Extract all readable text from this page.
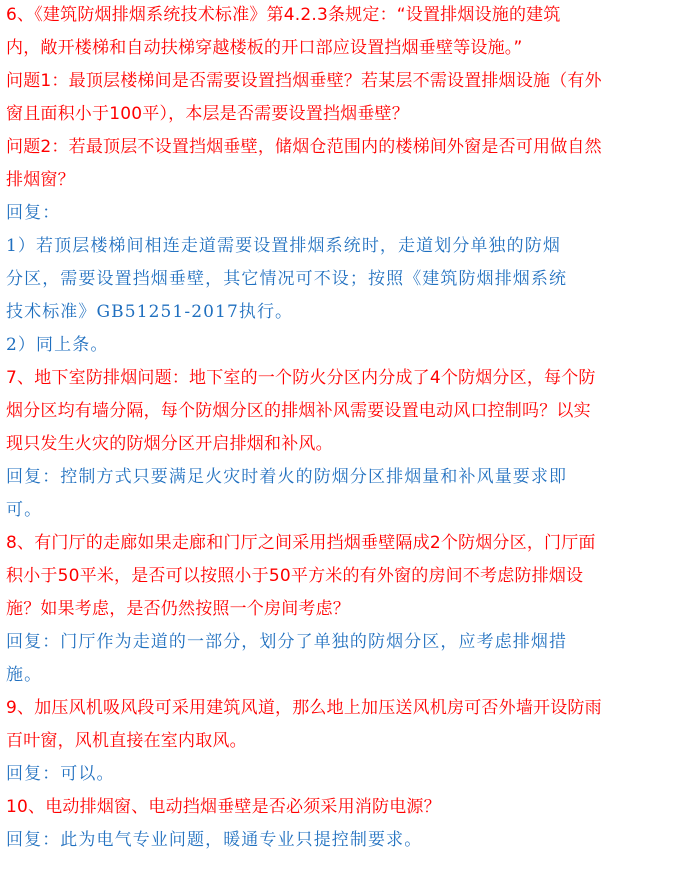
6、《建筑防烟排烟系统技术标准》第4.2.3条规定：“设置排烟设施的建筑
内，敞开楼梯和自动扶梯穿越楼板的开口部应设置挡烟垂壁等设施。”
问题1：最顶层楼梯间是否需要设置挡烟垂壁？若某层不需设置排烟设施（有外
窗且面积小于100平），本层是否需要设置挡烟垂壁？
问题2：若最顶层不设置挡烟垂壁，储烟仓范围内的楼梯间外窗是否可用做自然
排烟窗？
回复：
1）若顶层楼梯间相连走道需要设置排烟系统时，走道划分单独的防烟
分区，需要设置挡烟垂壁，其它情况可不设；按照《建筑防烟排烟系统
技术标准》GB51251-2017执行。
2）同上条。
7、地下室防排烟问题：地下室的一个防火分区内分成了4个防烟分区，每个防
烟分区均有墙分隔，每个防烟分区的排烟补风需要设置电动风口控制吗？以实
现只发生火灾的防烟分区开启排烟和补风。
回复：控制方式只要满足火灾时着火的防烟分区排烟量和补风量要求即
可。
8、有门厅的走廊如果走廊和门厅之间采用挡烟垂壁隔成2个防烟分区，门厅面
积小于50平米，是否可以按照小于50平方米的有外窗的房间不考虑防排烟设
施？如果考虑，是否仍然按照一个房间考虑？
回复：门厅作为走道的一部分，划分了单独的防烟分区，应考虑排烟措
施。
9、加压风机吸风段可采用建筑风道，那么地上加压送风机房可否外墙开设防雨
百叶窗，风机直接在室内取风。
回复：可以。
10、电动排烟窗、电动挡烟垂壁是否必须采用消防电源？
回复：此为电气专业问题，暖通专业只提控制要求。
